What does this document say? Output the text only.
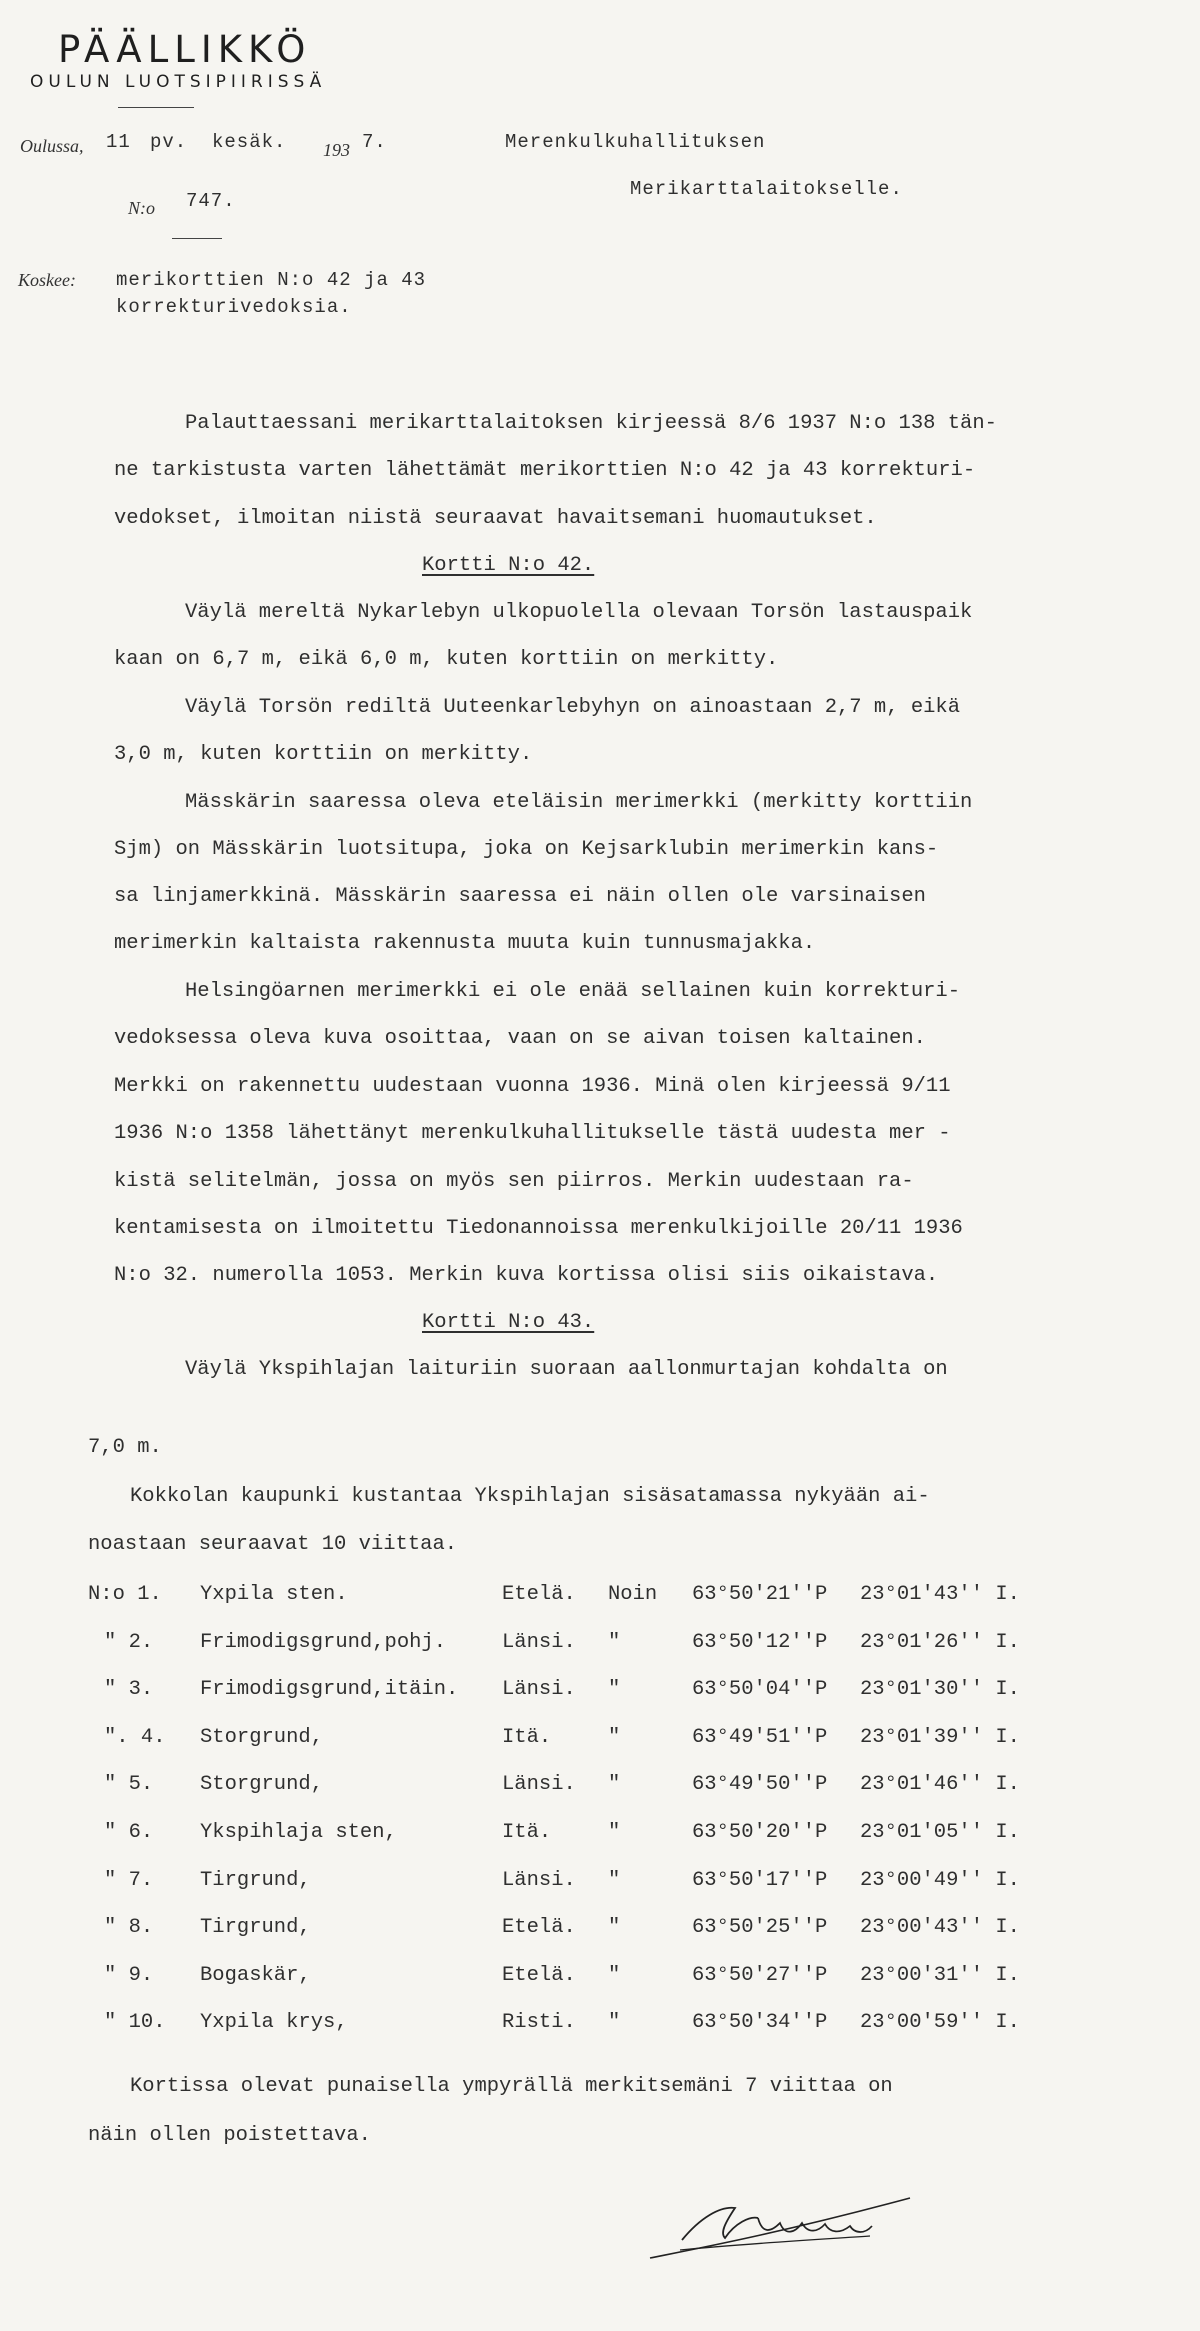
PÄÄLLIKKÖ
OULUN LUOTSIPIIRISSÄ
Oulussa, 11 pv. kesäk. 193 7.	Merenkulkuhallituksen
Merikarttalaitokselle.
N:o 747.
Koskee: merikorttien N:o 42 ja 43
korrekturivedoksia.
Palauttaessani merikarttalaitoksen kirjeessä 8/6 1937 N:o 138 tän-
ne tarkistusta varten lähettämät merikorttien N:o 42 ja 43 korrekturi-
vedokset, ilmoitan niistä seuraavat havaitsemani huomautukset.
Kortti N:o 42.
Väylä mereltä Nykarlebyn ulkopuolella olevaan Torsön lastauspaik
kaan on 6,7 m, eikä 6,0 m, kuten korttiin on merkitty.
Väylä Torsön rediltä Uuteenkarlebyhyn on ainoastaan 2,7 m, eikä
3,0 m, kuten korttiin on merkitty.
Mässkärin saaressa oleva eteläisin merimerkki (merkitty korttiin
Sjm) on Mässkärin luotsitupa, joka on Kejsarklubin merimerkin kans-
sa linjamerkkinä. Mässkärin saaressa ei näin ollen ole varsinaisen
merimerkin kaltaista rakennusta muuta kuin tunnusmajakka.
Helsingöarnen merimerkki ei ole enää sellainen kuin korrekturi-
vedoksessa oleva kuva osoittaa, vaan on se aivan toisen kaltainen.
Merkki on rakennettu uudestaan vuonna 1936. Minä olen kirjeessä 9/11
1936 N:o 1358 lähettänyt merenkulkuhallitukselle tästä uudesta mer -
kistä selitelmän, jossa on myös sen piirros. Merkin uudestaan ra-
kentamisesta on ilmoitettu Tiedonannoissa merenkulkijoille 20/11 1936
N:o 32. numerolla 1053. Merkin kuva kortissa olisi siis oikaistava.
Kortti N:o 43.
Väylä Ykspihlajan laituriin suoraan aallonmurtajan kohdalta on
7,0 m.
Kokkolan kaupunki kustantaa Ykspihlajan sisäsatamassa nykyään ai-
noastaan seuraavat 10 viittaa.
N:o 1. Yxpila sten.	Etelä. Noin 63°50'21''P 23°01'43'' I.
" 2. Frimodigsgrund,pohj.	Länsi. "	63°50'12''P 23°01'26'' I.
" 3. Frimodigsgrund,itäin. Länsi. "	63°50'04''P 23°01'30'' I.
". 4. Storgrund,	Itä.	"	63°49'51''P 23°01'39'' I.
" 5. Storgrund,	Länsi. "	63°49'50''P 23°01'46'' I.
" 6. Ykspihlaja sten,	Itä.	"	63°50'20''P 23°01'05'' I.
" 7. Tirgrund,	Länsi. "	63°50'17''P 23°00'49'' I.
" 8. Tirgrund,	Etelä. "	63°50'25''P 23°00'43'' I.
" 9. Bogaskär,	Etelä. "	63°50'27''P 23°00'31'' I.
" 10. Yxpila krys,	Risti. "	63°50'34''P 23°00'59'' I.
Kortissa olevat punaisella ympyrällä merkitsemäni 7 viittaa on
näin ollen poistettava.
N.Wiljanen
